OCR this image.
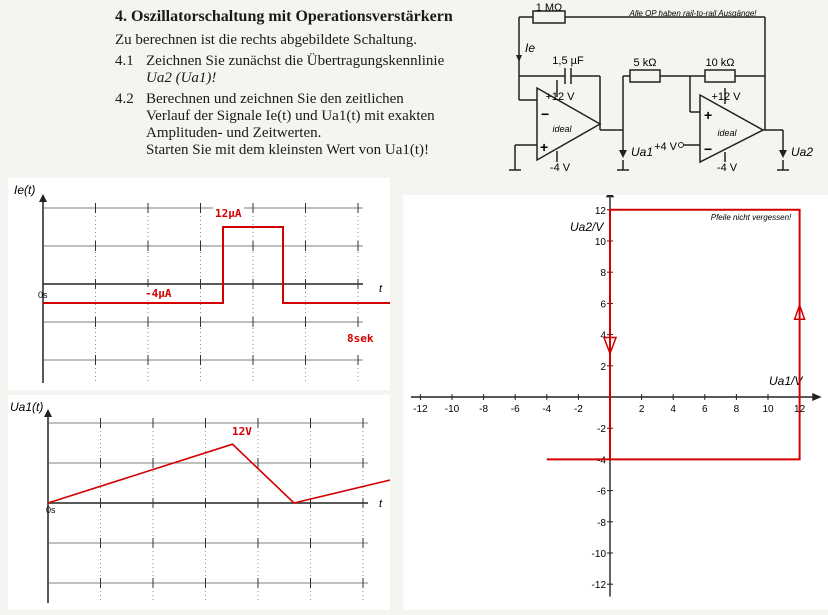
4. Oszillatorschaltung mit Operationsverstärkern

Zu berechnen ist die rechts abgebildete Schaltung.

4.1 Zeichnen Sie zunächst die Übertragungskennlinie
Ua2 (Ua1)!
4.2 Berechnen und zeichnen Sie den zeitlichen
Verlauf der Signale Ie(t) und Ua1(t) mit exakten
Amplituden- und Zeitwerten.
Starten Sie mit dem kleinsten Wert von Ua1(t)!
1 MΩ	Alle OP haben rail-to-rail Ausgänge!
Ie
1,5 µF	5 kΩ	10 kΩ
+12 V
-4 V
ideal
−
+
+12 V
-4 V
ideal
+
−
+4 V
Ua1	Ua2
Ie(t)
t
0s
12µA
-4µA
8sek
Ua1(t)
t
0s
12V
-12 -10 -8 -6 -4 -2	2	4	6	8 10 12
12
10
8
6
4
2
-2
-4
-6
-8
-10
-12
Ua2/V
Ua1/V
Pfeile nicht vergessen!
